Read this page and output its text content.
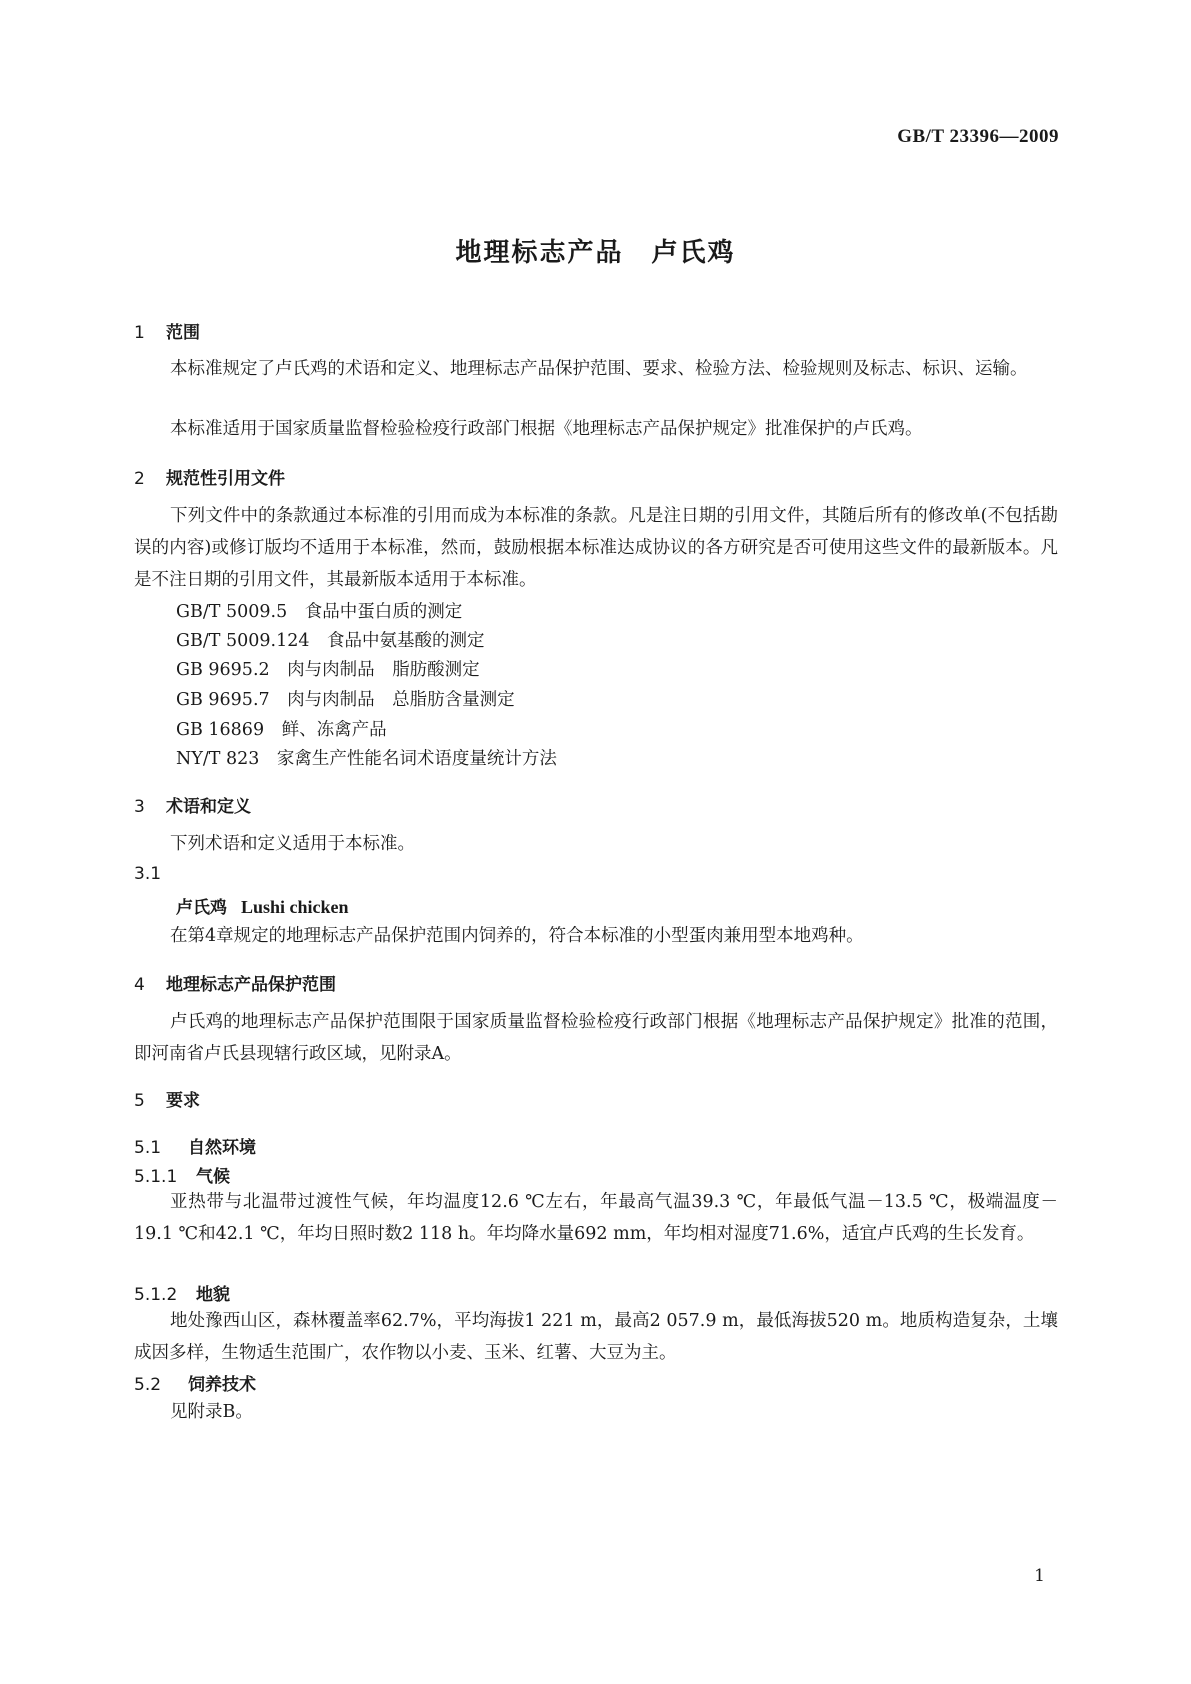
GB/T 23396—2009
地理标志产品　卢氏鸡
1 范围
本标准规定了卢氏鸡的术语和定义、地理标志产品保护范围、要求、检验方法、检验规则及标志、标识、运输。
本标准适用于国家质量监督检验检疫行政部门根据《地理标志产品保护规定》批准保护的卢氏鸡。
2 规范性引用文件
下列文件中的条款通过本标准的引用而成为本标准的条款。凡是注日期的引用文件，其随后所有的修改单(不包括勘误的内容)或修订版均不适用于本标准，然而，鼓励根据本标准达成协议的各方研究是否可使用这些文件的最新版本。凡是不注日期的引用文件，其最新版本适用于本标准。
GB/T 5009.5　食品中蛋白质的测定
GB/T 5009.124　食品中氨基酸的测定
GB 9695.2　肉与肉制品　脂肪酸测定
GB 9695.7　肉与肉制品　总脂肪含量测定
GB 16869　鲜、冻禽产品
NY/T 823　家禽生产性能名词术语度量统计方法
3 术语和定义
下列术语和定义适用于本标准。
3.1
卢氏鸡 Lushi chicken
在第4章规定的地理标志产品保护范围内饲养的，符合本标准的小型蛋肉兼用型本地鸡种。
4 地理标志产品保护范围
卢氏鸡的地理标志产品保护范围限于国家质量监督检验检疫行政部门根据《地理标志产品保护规定》批准的范围，即河南省卢氏县现辖行政区域，见附录A。
5 要求
5.1 自然环境
5.1.1 气候
亚热带与北温带过渡性气候，年均温度12.6 ℃左右，年最高气温39.3 ℃，年最低气温－13.5 ℃，极端温度－19.1 ℃和42.1 ℃，年均日照时数2 118 h。年均降水量692 mm，年均相对湿度71.6%，适宜卢氏鸡的生长发育。
5.1.2 地貌
地处豫西山区，森林覆盖率62.7%，平均海拔1 221 m，最高2 057.9 m，最低海拔520 m。地质构造复杂，土壤成因多样，生物适生范围广，农作物以小麦、玉米、红薯、大豆为主。
5.2 饲养技术
见附录B。
1
